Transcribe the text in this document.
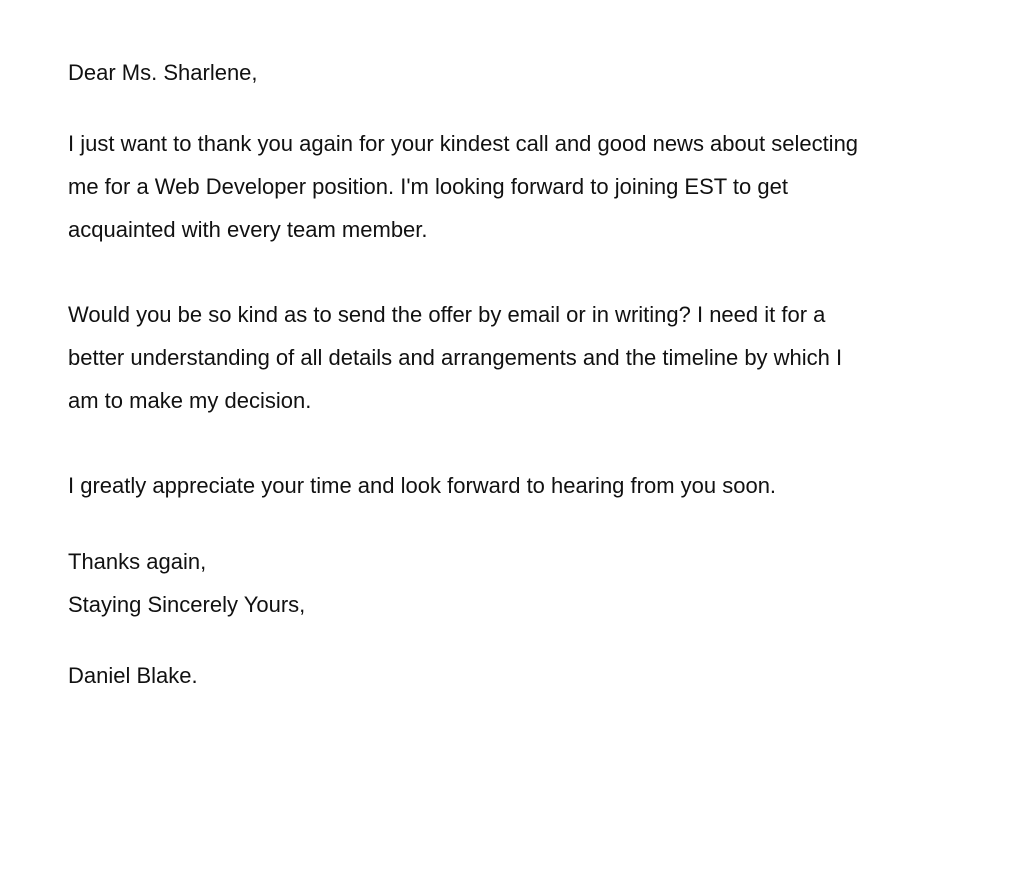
Dear Ms. Sharlene,

I just want to thank you again for your kindest call and good news about selecting
me for a Web Developer position. I'm looking forward to joining EST to get
acquainted with every team member.

Would you be so kind as to send the offer by email or in writing? I need it for a
better understanding of all details and arrangements and the timeline by which I
am to make my decision.

I greatly appreciate your time and look forward to hearing from you soon.

Thanks again,
Staying Sincerely Yours,

Daniel Blake.
